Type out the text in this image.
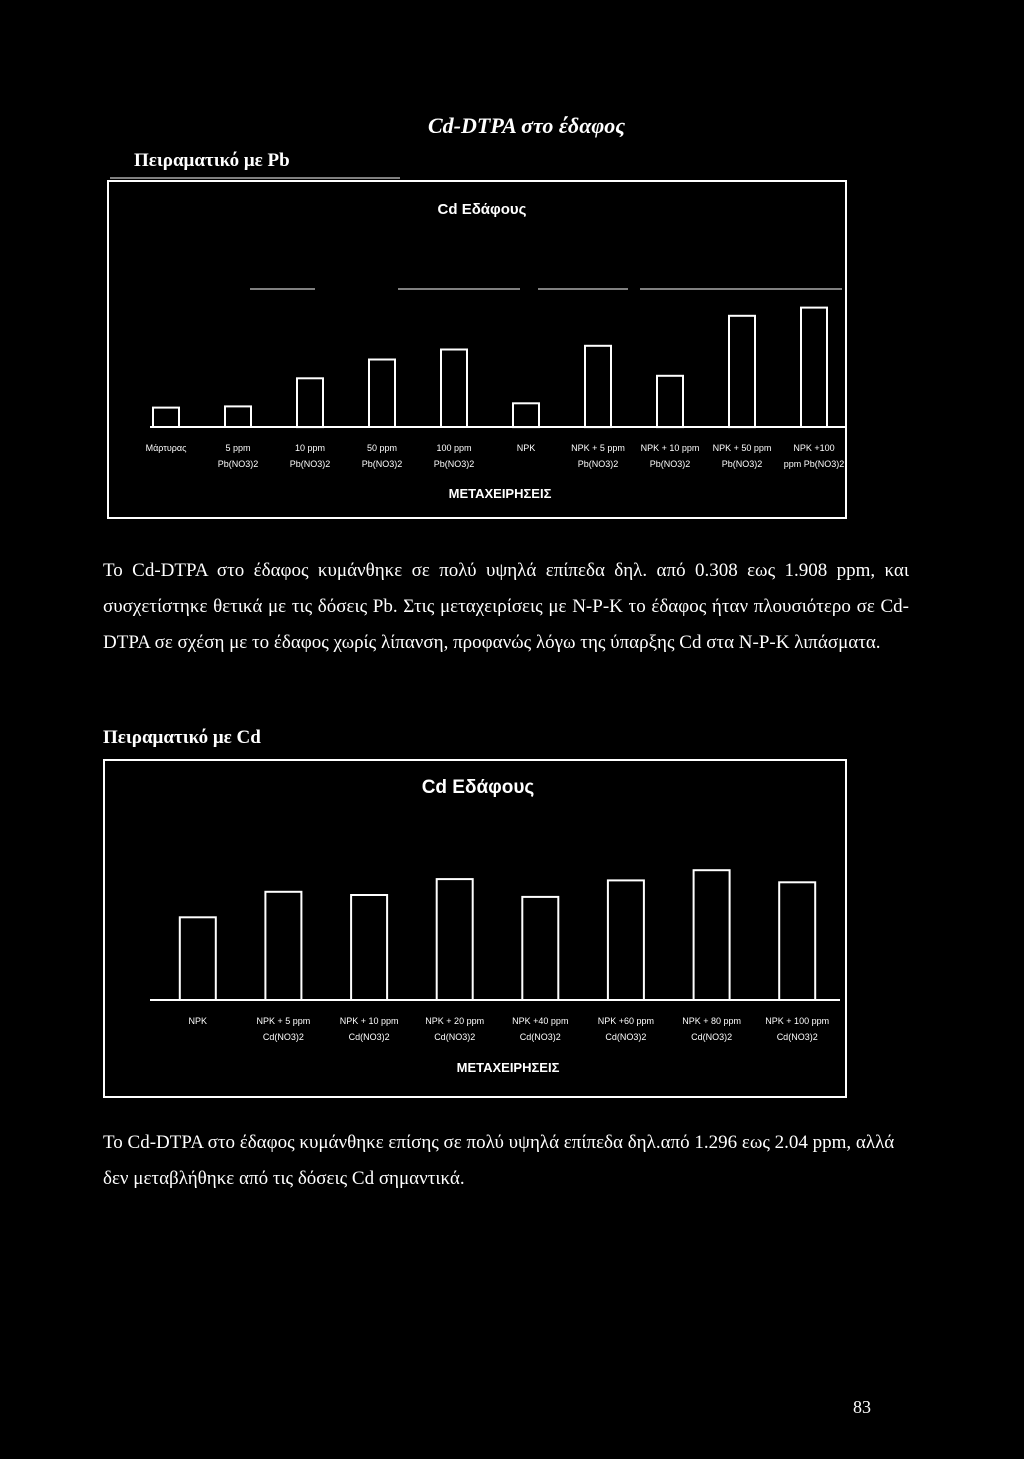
Cd-DTPA στο έδαφος
Πειραματικό με Pb
Cd Εδάφους
Μάρτυρας	5 ppm
Pb(NO3)2
10 ppm
Pb(NO3)2
50 ppm
Pb(NO3)2
100 ppm
Pb(NO3)2
NPK	NPK + 5 ppm
Pb(NO3)2
NPK + 10 ppm
Pb(NO3)2
NPK + 50 ppm
Pb(NO3)2
NPK +100
ppm Pb(NO3)2
ΜΕΤΑΧΕΙΡΗΣΕΙΣ
Cd Εδάφους
NPK	NPK + 5 ppm
Cd(NO3)2
NPK + 10 ppm
Cd(NO3)2
NPK + 20 ppm
Cd(NO3)2
NPK +40 ppm
Cd(NO3)2
NPK +60 ppm
Cd(NO3)2
NPK + 80 ppm
Cd(NO3)2
NPK + 100 ppm
Cd(NO3)2
ΜΕΤΑΧΕΙΡΗΣΕΙΣ
Το Cd-DTPA στο έδαφος κυμάνθηκε σε πολύ υψηλά επίπεδα δηλ. από 0.308 εως 1.908 ppm, και συσχετίστηκε θετικά με τις δόσεις Pb. Στις μεταχειρίσεις με N-P-K το έδαφος ήταν πλουσιότερο σε Cd-DTPA σε σχέση με το έδαφος χωρίς λίπανση, προφανώς λόγω της ύπαρξης Cd στα N-P-K λιπάσματα.
Πειραματικό με Cd
Το Cd-DTPA στο έδαφος κυμάνθηκε επίσης σε πολύ υψηλά επίπεδα δηλ.από 1.296 εως 2.04 ppm, αλλά δεν μεταβλήθηκε από τις δόσεις Cd σημαντικά.
83
